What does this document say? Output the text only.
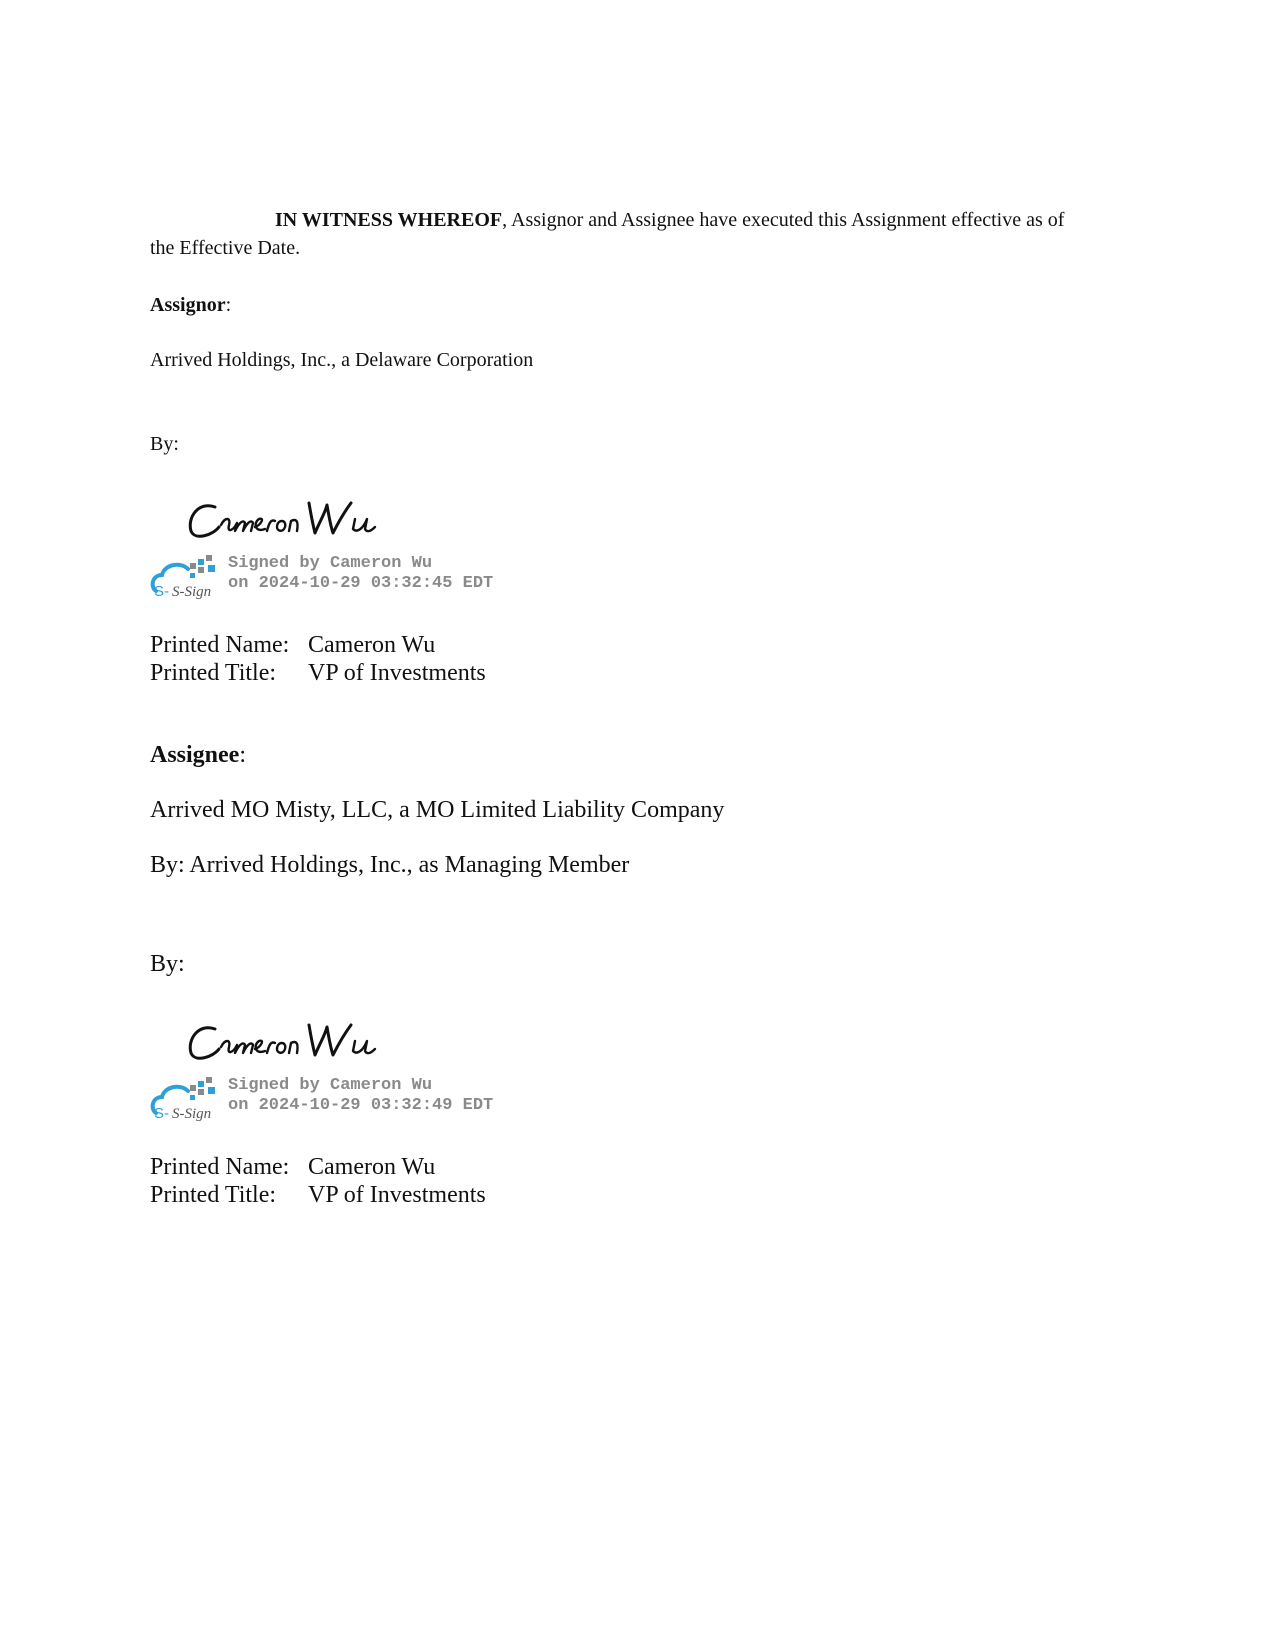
IN WITNESS WHEREOF, Assignor and Assignee have executed this Assignment effective as of
the Effective Date.
Assignor:
Arrived Holdings, Inc., a Delaware Corporation
By:
S- S-Sign
Signed by Cameron Wu
on 2024-10-29 03:32:45 EDT
Printed Name: Cameron Wu
Printed Title: VP of Investments
Assignee:
Arrived MO Misty, LLC, a MO Limited Liability Company
By: Arrived Holdings, Inc., as Managing Member
By:
S- S-Sign
Signed by Cameron Wu
on 2024-10-29 03:32:49 EDT
Printed Name: Cameron Wu
Printed Title: VP of Investments
